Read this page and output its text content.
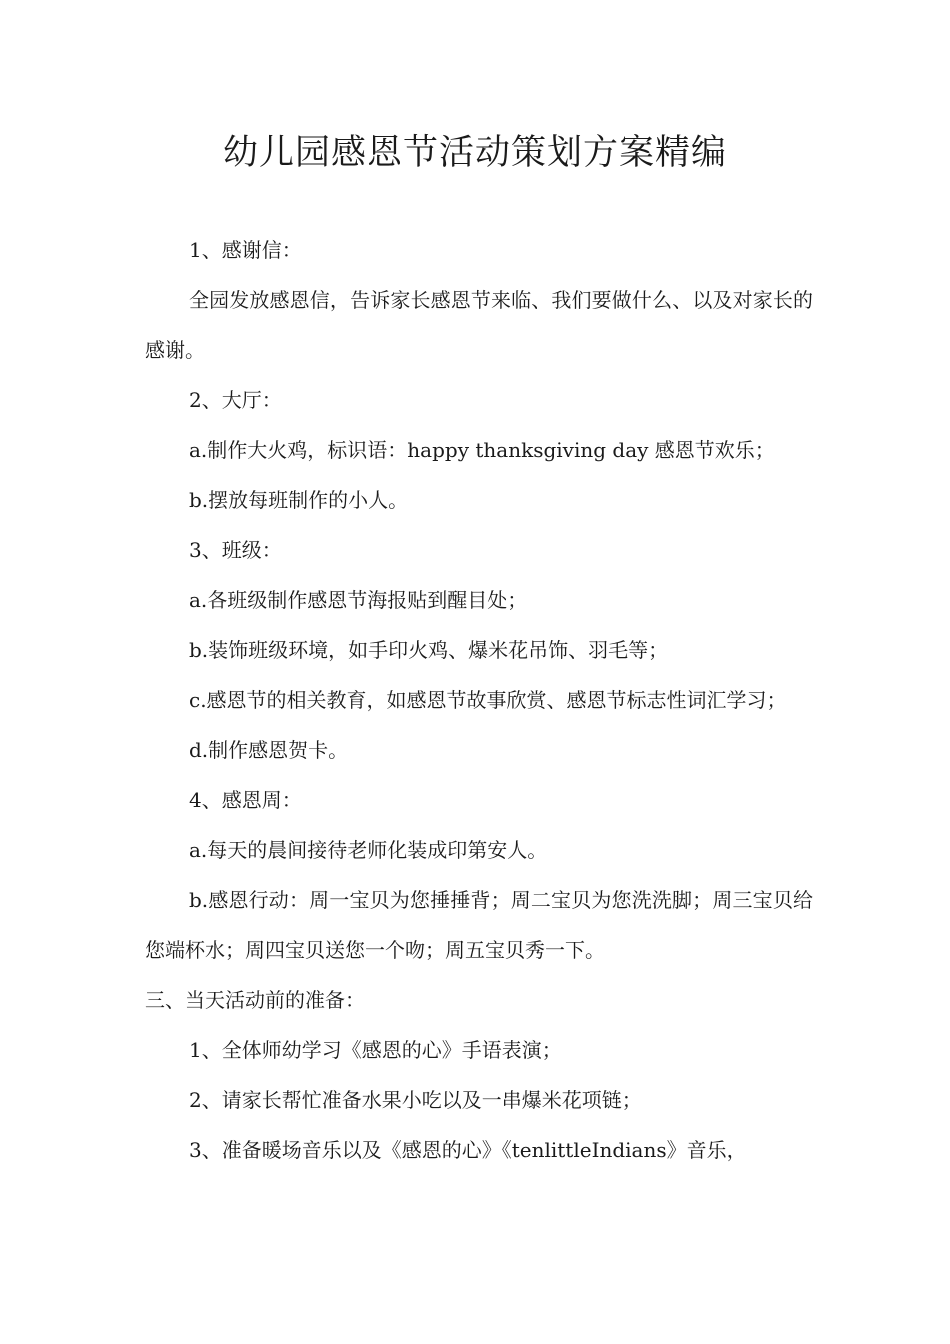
幼儿园感恩节活动策划方案精编

1、感谢信：

全园发放感恩信，告诉家长感恩节来临、我们要做什么、以及对家长的感谢。

2、大厅：

a.制作大火鸡，标识语：happy thanksgiving day 感恩节欢乐；

b.摆放每班制作的小人。

3、班级：

a.各班级制作感恩节海报贴到醒目处；

b.装饰班级环境，如手印火鸡、爆米花吊饰、羽毛等；

c.感恩节的相关教育，如感恩节故事欣赏、感恩节标志性词汇学习；

d.制作感恩贺卡。

4、感恩周：

a.每天的晨间接待老师化装成印第安人。

b.感恩行动：周一宝贝为您捶捶背；周二宝贝为您洗洗脚；周三宝贝给您端杯水；周四宝贝送您一个吻；周五宝贝秀一下。

三、当天活动前的准备：

1、全体师幼学习《感恩的心》手语表演；

2、请家长帮忙准备水果小吃以及一串爆米花项链；

3、准备暖场音乐以及《感恩的心》《tenlittleIndians》音乐，
